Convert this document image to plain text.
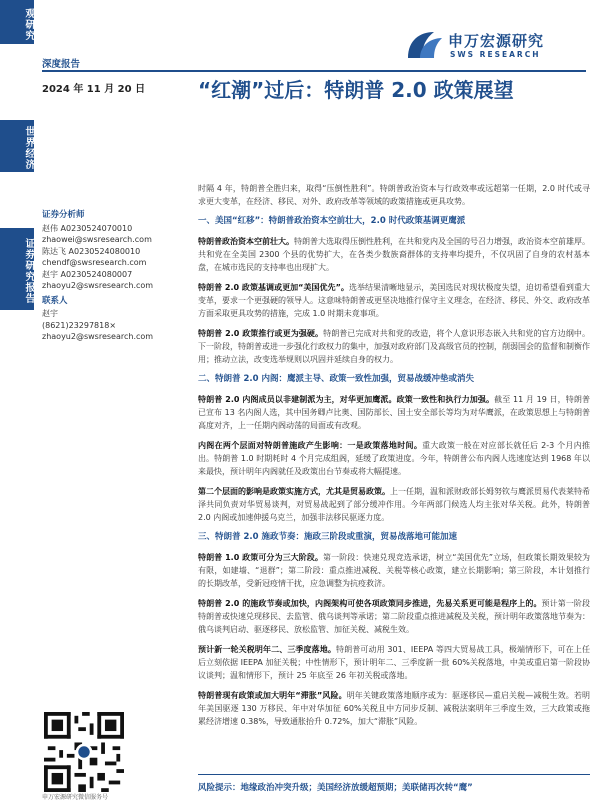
观研究
世界经济
证券研究报告
申万宏源研究
SWS RESEARCH
深度报告
2024 年 11 月 20 日	“红潮”过后：特朗普 2.0 政策展望
证券分析师
赵伟 A0230524070010
zhaowei@swsresearch.com
陈达飞 A0230524080010
chendf@swsresearch.com
赵宇 A0230524080007
zhaoyu2@swsresearch.com
联系人
赵宇
(8621)23297818×
zhaoyu2@swsresearch.com

时隔 4 年，特朗普全胜归来，取得“压倒性胜利”。特朗普政治资本与行政效率或远超第一任期，2.0 时代或寻求更大变革，在经济、移民、对外、政府改革等领域的政策措施或更具攻势。

一、美国“红移”：特朗普政治资本空前壮大，2.0 时代政策基调更鹰派

特朗普政治资本空前壮大。特朗普大选取得压倒性胜利，在共和党内及全国的号召力增强，政治资本空前雄厚。共和党在全美国 2300 个县的优势扩大，在各类少数族裔群体的支持率均提升，不仅巩固了自身的农村基本盘，在城市选民的支持率也出现扩大。

特朗普 2.0 政策基调或更加“美国优先”。选举结果清晰地显示，美国选民对现状极度失望，迫切希望看到重大变革，要求一个更强硬的领导人。这意味特朗普或更坚决地推行保守主义理念，在经济、移民、外交、政府改革方面采取更具攻势的措施，完成 1.0 时期未竟事项。

特朗普 2.0 政策推行或更为强硬。特朗普已完成对共和党的改造，将个人意识形态嵌入共和党的官方边纲中。下一阶段，特朗普或进一步强化行政权力的集中，加强对政府部门及高级官员的控制，削弱国会的监督和制衡作用；推动立法，改变选举规则以巩固并延续自身的权力。

二、特朗普 2.0 内阁：鹰派主导、政策一致性加强，贸易战缓冲垫或消失

特朗普 2.0 内阁成员以非建制派为主，对华更加鹰派。政策一致性和执行力加强。截至 11 月 19 日，特朗普已宣布 13 名内阁人选，其中国务卿卢比奥、国防部长、国土安全部长等均为对华鹰派，在政策思想上与特朗普高度对齐，上一任期内阁动荡的局面或有改观。

内阁在两个层面对特朗普施政产生影响：一是政策落地时间。重大政策一般在对应部长就任后 2-3 个月内推出。特朗普 1.0 时期耗时 4 个月完成组阁，延缓了政策进度。今年，特朗普公布内阁人选速度达到 1968 年以来最快，预计明年内阁就任及政策出台节奏或将大幅提速。

第二个层面的影响是政策实施方式，尤其是贸易政策。上一任期，温和派财政部长姆努钦与鹰派贸易代表莱特希泽共同负责对华贸易谈判，对贸易战起到了部分缓冲作用。今年两部门候选人均主张对华关税。此外，特朗普 2.0 内阁或加速伸援乌克兰，加强非法移民驱逐力度。

三、特朗普 2.0 施政节奏：施政三阶段或重演，贸易战落地可能加速

特朗普 1.0 政策可分为三大阶段。第一阶段：快速兑现竞选承诺，树立“美国优先”立场，但政策长期效果较为有限，如建墙、“退群”；第二阶段：重点推进减税、关税等核心政策，建立长期影响；第三阶段，本计划推行的长期改革，受新冠疫情干扰，应急调整为抗疫救济。

特朗普 2.0 的施政节奏或加快，内阁架构可使各项政策同步推进，先易关系更可能是程序上的。预计第一阶段特朗普或快速兑现移民、去监管、俄乌谈判等承诺；第二阶段重点推进减税及关税，预计明年政策落地节奏为：俄乌谈判启动、驱逐移民、放松监管、加征关税、减税生效。

预计新一轮关税明年二、三季度落地。特朗普可动用 301、IEEPA 等四大贸易战工具，极端情形下，可在上任后立刻依据 IEEPA 加征关税；中性情形下，预计明年二、三季度新一批 60%关税落地，中美或重启第一阶段协议谈判；温和情形下，预计 25 年底至 26 年初关税或落地。

特朗普现有政策或加大明年“滞胀”风险。明年关键政策落地顺序或为：驱逐移民—重启关税—减税生效。若明年美国驱逐 130 万移民、年中对华加征 60%关税且中方同步反制、减税法案明年三季度生效，三大政策或拖累经济增速 0.38%，导致通胀抬升 0.72%，加大“滞胀”风险。

申万宏源研究微信服务号
风险提示：地缘政治冲突升级；美国经济放缓超预期；美联储再次转“鹰”
